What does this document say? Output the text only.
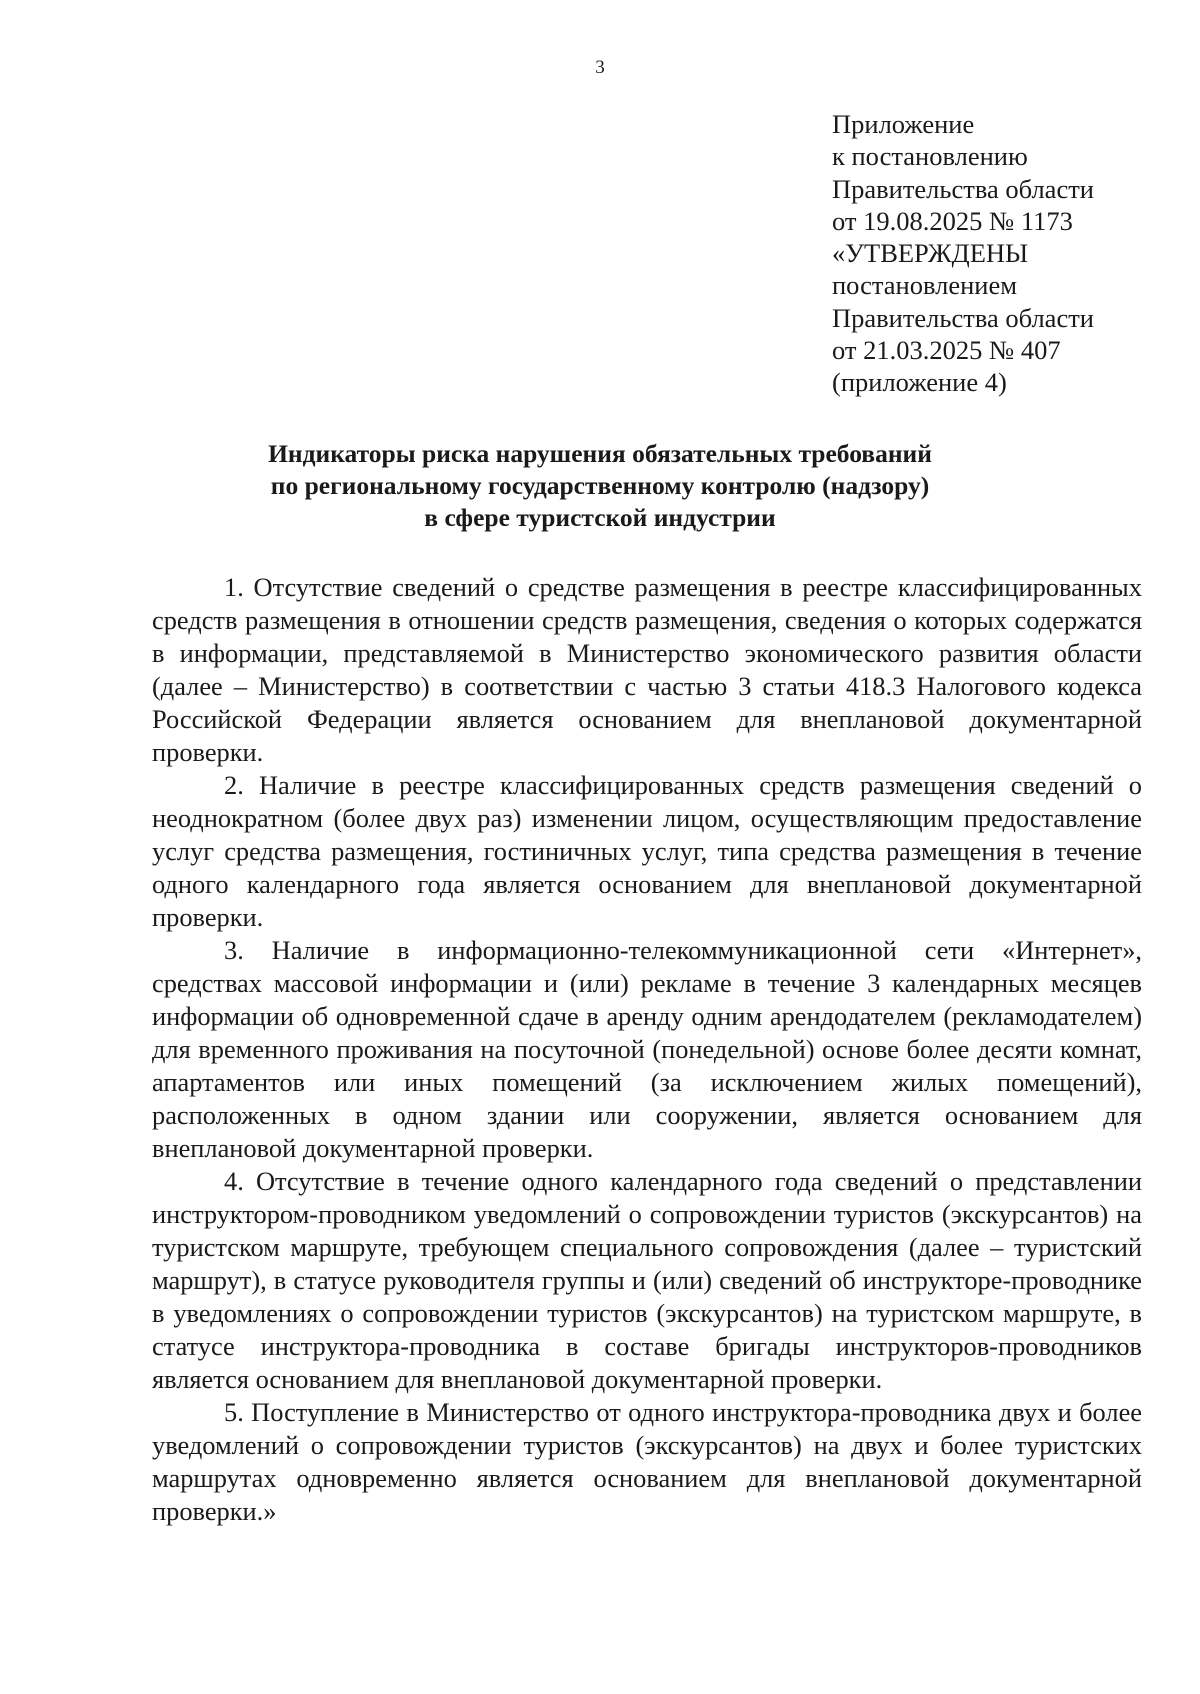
3
Приложение
к постановлению
Правительства области
от 19.08.2025 № 1173
«УТВЕРЖДЕНЫ
постановлением
Правительства области
от 21.03.2025 № 407
(приложение 4)
Индикаторы риска нарушения обязательных требований
по региональному государственному контролю (надзору)
в сфере туристской индустрии

1. Отсутствие сведений о средстве размещения в реестре классифицированных средств размещения в отношении средств размещения, сведения о которых содержатся в информации, представляемой в Министерство экономического развития области (далее – Министерство) в соответствии с частью 3 статьи 418.3 Налогового кодекса Российской Федерации является основанием для внеплановой документарной проверки.

2. Наличие в реестре классифицированных средств размещения сведений о неоднократном (более двух раз) изменении лицом, осуществляющим предоставление услуг средства размещения, гостиничных услуг, типа средства размещения в течение одного календарного года является основанием для внеплановой документарной проверки.

3. Наличие в информационно-телекоммуникационной сети «Интернет», средствах массовой информации и (или) рекламе в течение 3 календарных месяцев информации об одновременной сдаче в аренду одним арендодателем (рекламодателем) для временного проживания на посуточной (понедельной) основе более десяти комнат, апартаментов или иных помещений (за исключением жилых помещений), расположенных в одном здании или сооружении, является основанием для внеплановой документарной проверки.

4. Отсутствие в течение одного календарного года сведений о представлении инструктором-проводником уведомлений о сопровождении туристов (экскурсантов) на туристском маршруте, требующем специального сопровождения (далее – туристский маршрут), в статусе руководителя группы и (или) сведений об инструкторе-проводнике в уведомлениях о сопровождении туристов (экскурсантов) на туристском маршруте, в статусе инструктора-проводника в составе бригады инструкторов-проводников является основанием для внеплановой документарной проверки.

5. Поступление в Министерство от одного инструктора-проводника двух и более уведомлений о сопровождении туристов (экскурсантов) на двух и более туристских маршрутах одновременно является основанием для внеплановой документарной проверки.»
